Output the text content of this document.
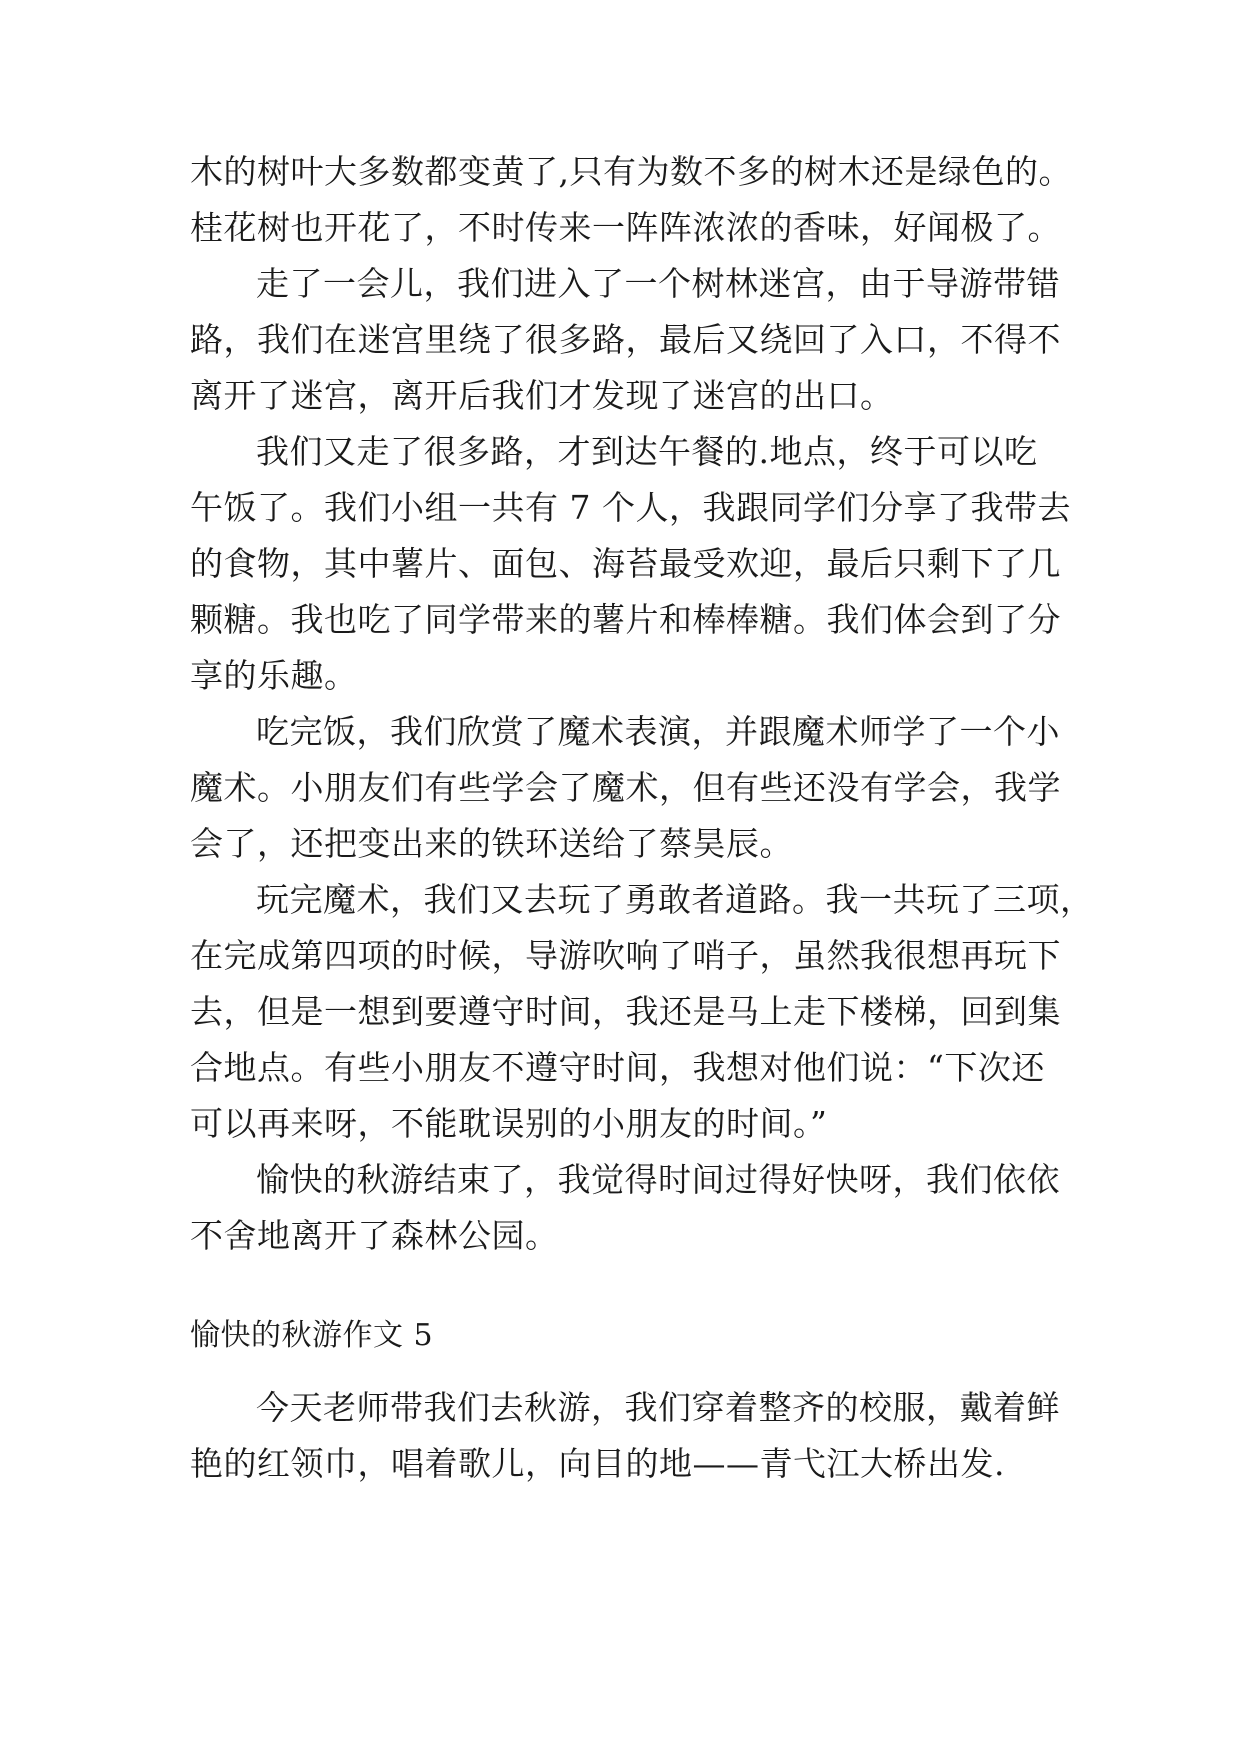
木的树叶大多数都变黄了,只有为数不多的树木还是绿色的。
桂花树也开花了，不时传来一阵阵浓浓的香味，好闻极了。
走了一会儿，我们进入了一个树林迷宫，由于导游带错
路，我们在迷宫里绕了很多路，最后又绕回了入口，不得不
离开了迷宫，离开后我们才发现了迷宫的出口。
我们又走了很多路，才到达午餐的.地点，终于可以吃
午饭了。我们小组一共有 7 个人，我跟同学们分享了我带去
的食物，其中薯片、面包、海苔最受欢迎，最后只剩下了几
颗糖。我也吃了同学带来的薯片和棒棒糖。我们体会到了分
享的乐趣。
吃完饭，我们欣赏了魔术表演，并跟魔术师学了一个小
魔术。小朋友们有些学会了魔术，但有些还没有学会，我学
会了，还把变出来的铁环送给了蔡昊辰。
玩完魔术，我们又去玩了勇敢者道路。我一共玩了三项，
在完成第四项的时候，导游吹响了哨子，虽然我很想再玩下
去，但是一想到要遵守时间，我还是马上走下楼梯，回到集
合地点。有些小朋友不遵守时间，我想对他们说：“下次还
可以再来呀，不能耽误别的小朋友的时间。”
愉快的秋游结束了，我觉得时间过得好快呀，我们依依
不舍地离开了森林公园。
愉快的秋游作文 5
今天老师带我们去秋游，我们穿着整齐的校服，戴着鲜
艳的红领巾，唱着歌儿，向目的地——青弋江大桥出发.
